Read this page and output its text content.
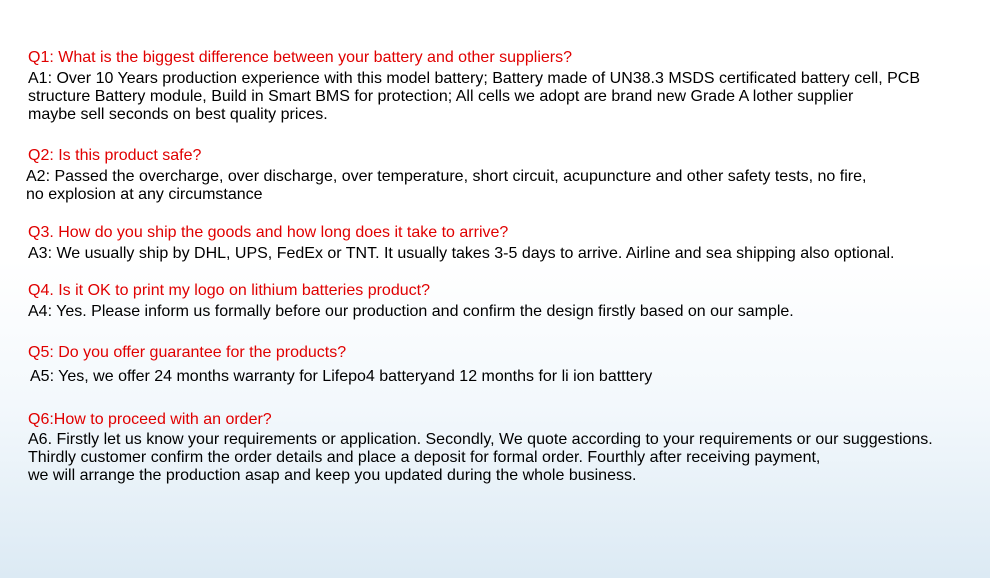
Q1: What is the biggest difference between your battery and other suppliers?

A1: Over 10 Years production experience with this model battery; Battery made of UN38.3 MSDS certificated battery cell, PCB
structure Battery module, Build in Smart BMS for protection; All cells we adopt are brand new Grade A lother supplier
maybe sell seconds on best quality prices.

Q2: Is this product safe?

A2: Passed the overcharge, over discharge, over temperature, short circuit, acupuncture and other safety tests, no fire,
no explosion at any circumstance

Q3. How do you ship the goods and how long does it take to arrive?

A3: We usually ship by DHL, UPS, FedEx or TNT. It usually takes 3-5 days to arrive. Airline and sea shipping also optional.

Q4. Is it OK to print my logo on lithium batteries product?

A4: Yes. Please inform us formally before our production and confirm the design firstly based on our sample.

Q5: Do you offer guarantee for the products?

A5: Yes, we offer 24 months warranty for Lifepo4 batteryand 12 months for li ion batttery

Q6:How to proceed with an order?

A6. Firstly let us know your requirements or application. Secondly, We quote according to your requirements or our suggestions.
Thirdly customer confirm the order details and place a deposit for formal order. Fourthly after receiving payment,
we will arrange the production asap and keep you updated during the whole business.
